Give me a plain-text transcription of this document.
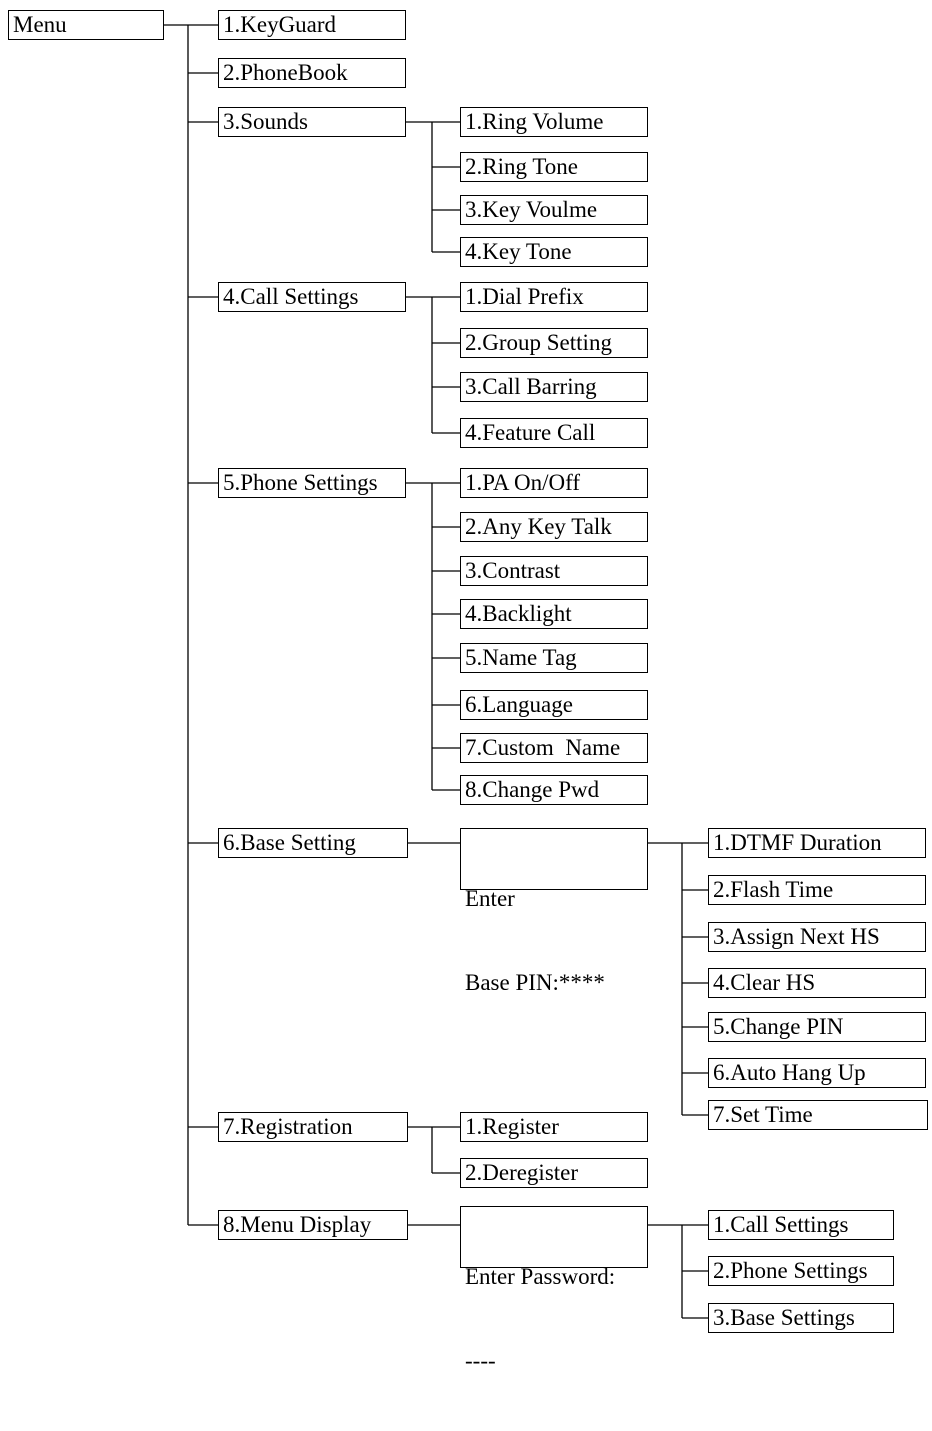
Menu	1.KeyGuard
2.PhoneBook
3.Sounds
4.Call Settings
5.Phone Settings
6.Base Setting
7.Registration
8.Menu Display
1.Ring Volume
2.Ring Tone
3.Key Voulme
4.Key Tone
1.Dial Prefix
2.Group Setting
3.Call Barring
4.Feature Call
1.PA On/Off
2.Any Key Talk
3.Contrast
4.Backlight
5.Name Tag
6.Language
7.Custom  Name
8.Change Pwd

Enter

Base PIN:****

1.DTMF Duration
2.Flash Time
3.Assign Next HS
4.Clear HS
5.Change PIN
6.Auto Hang Up
7.Set Time
1.Register
2.Deregister

Enter Password:

----

1.Call Settings
2.Phone Settings
3.Base Settings
